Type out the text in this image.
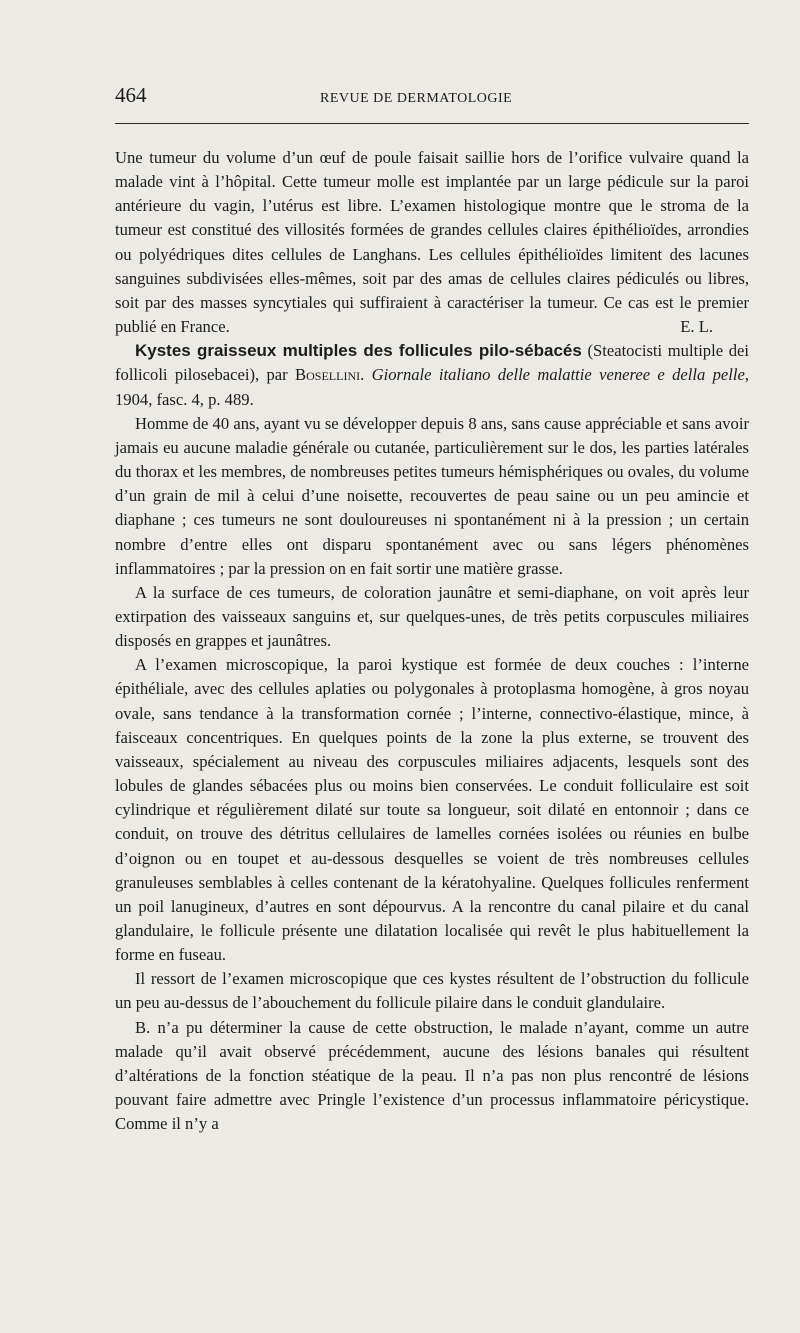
464	REVUE DE DERMATOLOGIE

Une tumeur du volume d’un œuf de poule faisait saillie hors de l’orifice vulvaire quand la malade vint à l’hôpital. Cette tumeur molle est implantée par un large pédicule sur la paroi antérieure du vagin, l’utérus est libre. L’examen histologique montre que le stroma de la tumeur est constitué des villosités formées de grandes cellules claires épithélioïdes, arrondies ou polyédriques dites cellules de Langhans. Les cellules épithélioïdes limitent des lacunes sanguines subdivisées elles-mêmes, soit par des amas de cellules claires pédiculés ou libres, soit par des masses syncytiales qui suffiraient à caractériser la tumeur. Ce cas est le premier publié en France.	E. L.

Kystes graisseux multiples des follicules pilo-sébacés (Steatocisti multiple dei follicoli pilosebacei), par Bosellini. Giornale italiano delle malattie veneree e della pelle, 1904, fasc. 4, p. 489.

Homme de 40 ans, ayant vu se développer depuis 8 ans, sans cause appréciable et sans avoir jamais eu aucune maladie générale ou cutanée, particulièrement sur le dos, les parties latérales du thorax et les membres, de nombreuses petites tumeurs hémisphériques ou ovales, du volume d’un grain de mil à celui d’une noisette, recouvertes de peau saine ou un peu amincie et diaphane ; ces tumeurs ne sont douloureuses ni spontanément ni à la pression ; un certain nombre d’entre elles ont disparu spontanément avec ou sans légers phénomènes inflammatoires ; par la pression on en fait sortir une matière grasse.

A la surface de ces tumeurs, de coloration jaunâtre et semi-diaphane, on voit après leur extirpation des vaisseaux sanguins et, sur quelques-unes, de très petits corpuscules miliaires disposés en grappes et jaunâtres.

A l’examen microscopique, la paroi kystique est formée de deux couches : l’interne épithéliale, avec des cellules aplaties ou polygonales à protoplasma homogène, à gros noyau ovale, sans tendance à la transformation cornée ; l’interne, connectivo-élastique, mince, à faisceaux concentriques. En quelques points de la zone la plus externe, se trouvent des vaisseaux, spécialement au niveau des corpuscules miliaires adjacents, lesquels sont des lobules de glandes sébacées plus ou moins bien conservées. Le conduit folliculaire est soit cylindrique et régulièrement dilaté sur toute sa longueur, soit dilaté en entonnoir ; dans ce conduit, on trouve des détritus cellulaires de lamelles cornées isolées ou réunies en bulbe d’oignon ou en toupet et au-dessous desquelles se voient de très nombreuses cellules granuleuses semblables à celles contenant de la kératohyaline. Quelques follicules renferment un poil lanugineux, d’autres en sont dépourvus. A la rencontre du canal pilaire et du canal glandulaire, le follicule présente une dilatation localisée qui revêt le plus habituellement la forme en fuseau.

Il ressort de l’examen microscopique que ces kystes résultent de l’obstruction du follicule un peu au-dessus de l’abouchement du follicule pilaire dans le conduit glandulaire.

B. n’a pu déterminer la cause de cette obstruction, le malade n’ayant, comme un autre malade qu’il avait observé précédemment, aucune des lésions banales qui résultent d’altérations de la fonction stéatique de la peau. Il n’a pas non plus rencontré de lésions pouvant faire admettre avec Pringle l’existence d’un processus inflammatoire péricystique. Comme il n’y a
